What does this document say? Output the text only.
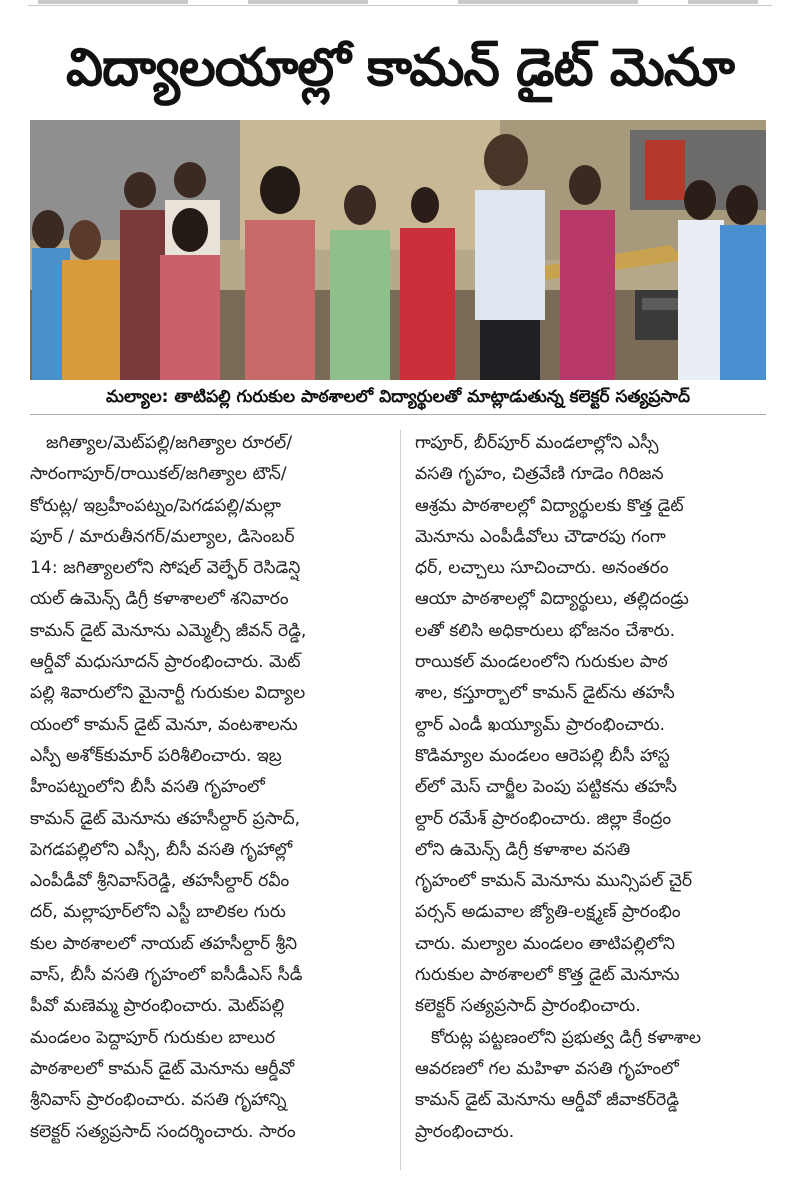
విద్యాలయాల్లో కామన్ డైట్ మెనూ
మల్యాల: తాటిపల్లి గురుకుల పాఠశాలలో విద్యార్థులతో మాట్లాడుతున్న కలెక్టర్ సత్యప్రసాద్
జగిత్యాల/మెట్‌పల్లి/జగిత్యాల రూరల్/
సారంగాపూర్/రాయికల్/జగిత్యాల టౌన్/
కోరుట్ల/ ఇబ్రహీంపట్నం/పెగడపల్లి/మల్లా
పూర్ / మారుతీనగర్/మల్యాల, డిసెంబర్
14: జగిత్యాలలోని సోషల్ వెల్ఫేర్ రెసిడెన్షి
యల్ ఉమెన్స్ డిగ్రీ కళాశాలలో శనివారం
కామన్ డైట్ మెనూను ఎమ్మెల్సీ జీవన్ రెడ్డి,
ఆర్డీవో మధుసూదన్ ప్రారంభించారు. మెట్‌
పల్లి శివారులోని మైనార్టీ గురుకుల విద్యాల
యంలో కామన్ డైట్ మెనూ, వంటశాలను
ఎస్పీ అశోక్‌కుమార్ పరిశీలించారు. ఇబ్ర
హీంపట్నంలోని బీసీ వసతి గృహంలో
కామన్ డైట్ మెనూను తహసీల్దార్ ప్రసాద్,
పెగడపల్లిలోని ఎస్సీ, బీసీ వసతి గృహాల్లో
ఎంపీడీవో శ్రీనివాస్‌రెడ్డి, తహసీల్దార్ రవీం
దర్, మల్లాపూర్‌లోని ఎస్టీ బాలికల గురు
కుల పాఠశాలలో నాయబ్ తహసీల్దార్ శ్రీని
వాస్, బీసీ వసతి గృహంలో ఐసీడీఎస్ సీడీ
పీవో మణెమ్మ ప్రారంభించారు. మెట్‌పల్లి
మండలం పెద్దాపూర్ గురుకుల బాలుర
పాఠశాలలో కామన్ డైట్ మెనూను ఆర్డీవో
శ్రీనివాస్ ప్రారంభించారు. వసతి గృహాన్ని
కలెక్టర్ సత్యప్రసాద్ సందర్శించారు. సారం
గాపూర్, బీర్‌పూర్ మండలాల్లోని ఎస్సీ
వసతి గృహం, చిత్రవేణి గూడెం గిరిజన
ఆశ్రమ పాఠశాలల్లో విద్యార్థులకు కొత్త డైట్
మెనూను ఎంపీడీవోలు చౌడారపు గంగా
ధర్, లచ్చాలు సూచించారు. అనంతరం
ఆయా పాఠశాలల్లో విద్యార్థులు, తల్లిదండ్రు
లతో కలిసి అధికారులు భోజనం చేశారు.
రాయికల్ మండలంలోని గురుకుల పాఠ
శాల, కస్తూర్బాలో కామన్ డైట్‌ను తహసీ
ల్దార్ ఎండీ ఖయ్యూమ్ ప్రారంభించారు.
కొడిమ్యాల మండలం ఆరెపల్లి బీసీ హాస్ట
ల్‌లో మెస్ చార్జీల పెంపు పట్టికను తహసీ
ల్దార్ రమేశ్ ప్రారంభించారు. జిల్లా కేంద్రం
లోని ఉమెన్స్ డిగ్రీ కళాశాల వసతి
గృహంలో కామన్ మెనూను మున్సిపల్ చైర్
పర్సన్ అడువాల జ్యోతి-లక్ష్మణ్ ప్రారంభిం
చారు. మల్యాల మండలం తాటిపల్లిలోని
గురుకుల పాఠశాలలో కొత్త డైట్ మెనూను
కలెక్టర్ సత్యప్రసాద్ ప్రారంభించారు.
కోరుట్ల పట్టణంలోని ప్రభుత్వ డిగ్రీ కళాశాల
ఆవరణలో గల మహిళా వసతి గృహంలో
కామన్ డైట్ మెనూను ఆర్డీవో జీవాకర్‌రెడ్డి
ప్రారంభించారు.
